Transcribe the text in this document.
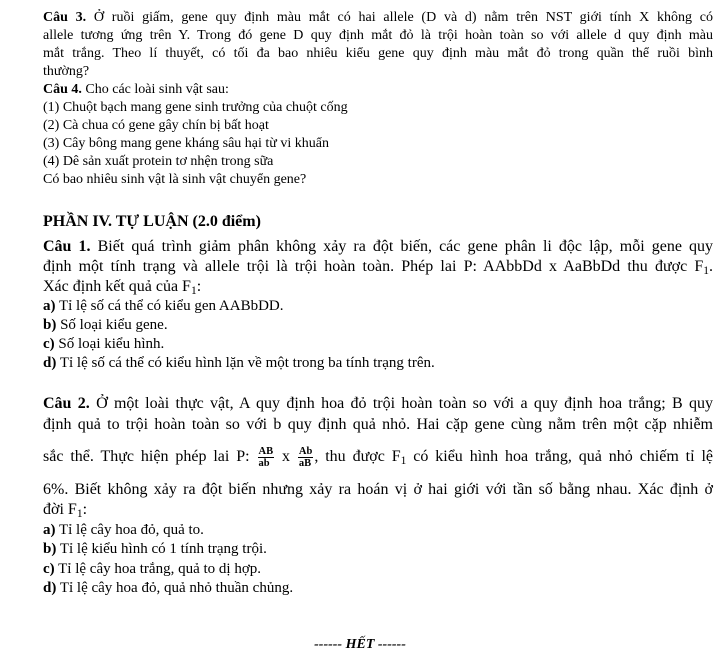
Câu 3. Ở ruồi giấm, gene quy định màu mắt có hai allele (D và d) nằm trên NST giới tính X không có
allele tương ứng trên Y. Trong đó gene D quy định mắt đỏ là trội hoàn toàn so với allele d quy định màu
mắt trắng. Theo lí thuyết, có tối đa bao nhiêu kiểu gene quy định màu mắt đỏ trong quần thể ruồi bình
thường?
Câu 4. Cho các loài sinh vật sau:
(1) Chuột bạch mang gene sinh trưởng của chuột cống
(2) Cà chua có gene gây chín bị bất hoạt
(3) Cây bông mang gene kháng sâu hại từ vi khuẩn
(4) Dê sản xuất protein tơ nhện trong sữa
Có bao nhiêu sinh vật là sinh vật chuyển gene?
PHẦN IV. TỰ LUẬN (2.0 điểm)
Câu 1. Biết quá trình giảm phân không xảy ra đột biến, các gene phân li độc lập, mỗi gene quy
định một tính trạng và allele trội là trội hoàn toàn. Phép lai P: AAbbDd x AaBbDd thu được $F_1$.
Xác định kết quả của $F_1$:
a) Tỉ lệ số cá thể có kiểu gen AABbDD.
b) Số loại kiểu gene.
c) Số loại kiểu hình.
d) Tỉ lệ số cá thể có kiểu hình lặn về một trong ba tính trạng trên.
Câu 2. Ở một loài thực vật, A quy định hoa đỏ trội hoàn toàn so với a quy định hoa trắng; B quy
định quả to trội hoàn toàn so với b quy định quả nhỏ. Hai cặp gene cùng nằm trên một cặp nhiễm
sắc thể. Thực hiện phép lai P: $\frac{AB}{ab}$ x $\frac{Ab}{aB}$ , thu được $F_1$ có kiểu hình hoa trắng, quả nhỏ chiếm tỉ lệ
6%. Biết không xảy ra đột biến nhưng xảy ra hoán vị ở hai giới với tần số bằng nhau. Xác định ở
đời $F_1$:
a) Tỉ lệ cây hoa đỏ, quả to.
b) Tỉ lệ kiểu hình có 1 tính trạng trội.
c) Tỉ lệ cây hoa trắng, quả to dị hợp.
d) Tỉ lệ cây hoa đỏ, quả nhỏ thuần chủng.
------ HẾT ------
